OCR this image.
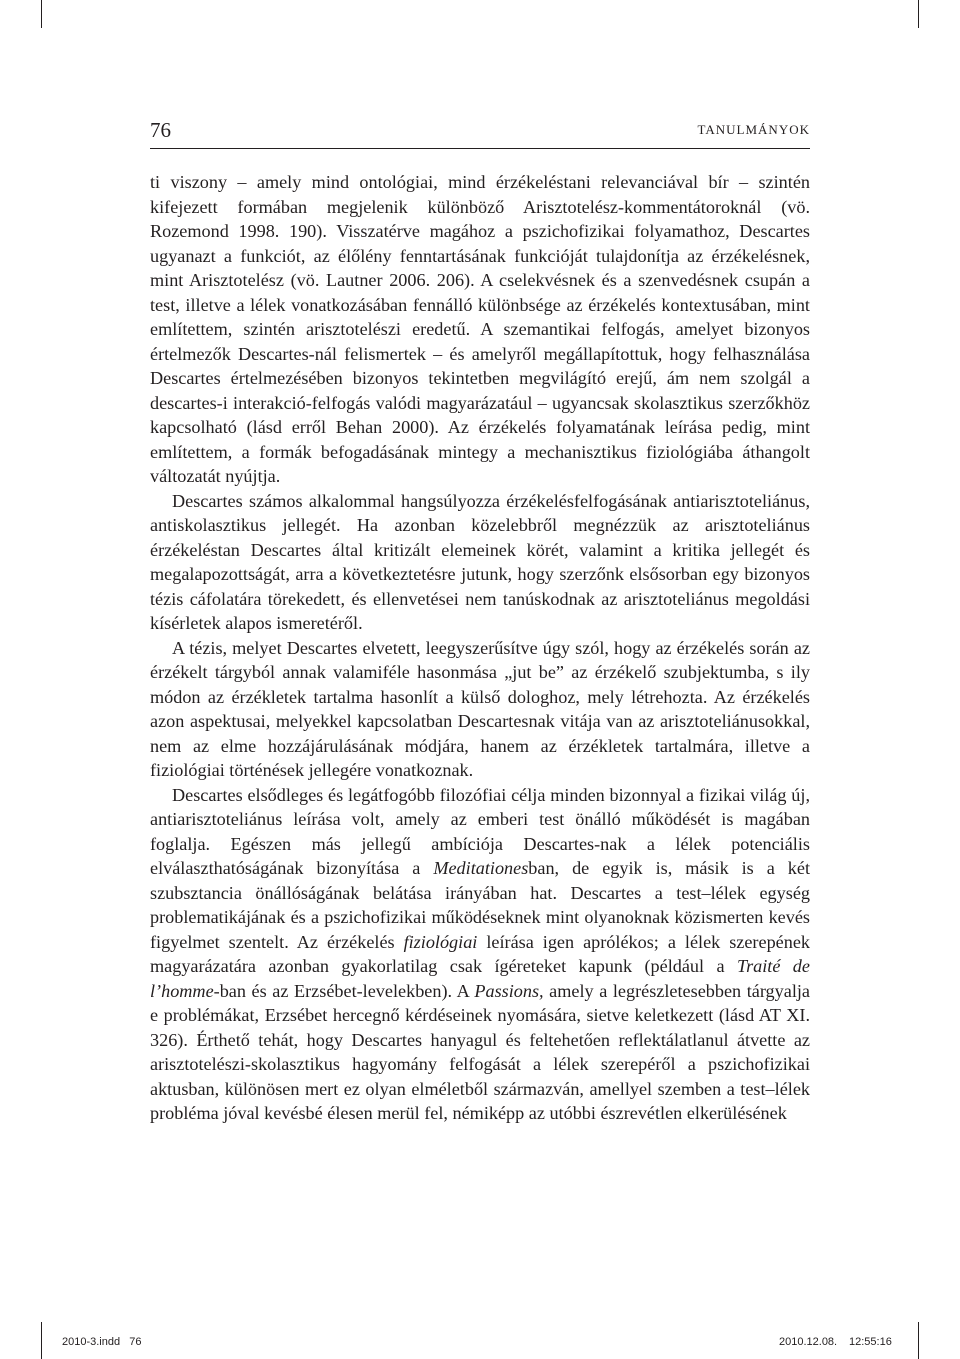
76	TANULMÁNYOK

ti viszony – amely mind ontológiai, mind érzékeléstani relevanciával bír – szintén kifejezett formában megjelenik különböző Arisztotelész-kommentátoroknál (vö. Rozemond 1998. 190). Visszatérve magához a pszichofizikai folyamathoz, Descartes ugyanazt a funkciót, az élőlény fenntartásának funkcióját tulajdonítja az érzékelésnek, mint Arisztotelész (vö. Lautner 2006. 206). A cselekvésnek és a szenvedésnek csupán a test, illetve a lélek vonatkozásában fennálló különbsége az érzékelés kontextusában, mint említettem, szintén arisztotelészi eredetű. A szemantikai felfogás, amelyet bizonyos értelmezők Descartes-nál felismertek – és amelyről megállapítottuk, hogy felhasználása Descartes értelmezésében bizonyos tekintetben megvilágító erejű, ám nem szolgál a descartes-i interakció-felfogás valódi magyarázatául – ugyancsak skolasztikus szerzőkhöz kapcsolható (lásd erről Behan 2000). Az érzékelés folyamatának leírása pedig, mint említettem, a formák befogadásának mintegy a mechanisztikus fiziológiába áthangolt változatát nyújtja.

Descartes számos alkalommal hangsúlyozza érzékelésfelfogásának antiarisztoteliánus, antiskolasztikus jellegét. Ha azonban közelebbről megnézzük az arisztoteliánus érzékeléstan Descartes által kritizált elemeinek körét, valamint a kritika jellegét és megalapozottságát, arra a következtetésre jutunk, hogy szerzőnk elsősorban egy bizonyos tézis cáfolatára törekedett, és ellenvetései nem tanúskodnak az arisztoteliánus megoldási kísérletek alapos ismeretéről.

A tézis, melyet Descartes elvetett, leegyszerűsítve úgy szól, hogy az érzékelés során az érzékelt tárgyból annak valamiféle hasonmása „jut be” az érzékelő szubjektumba, s ily módon az érzékletek tartalma hasonlít a külső dologhoz, mely létrehozta. Az érzékelés azon aspektusai, melyekkel kapcsolatban Descartesnak vitája van az arisztoteliánusokkal, nem az elme hozzájárulásának módjára, hanem az érzékletek tartalmára, illetve a fiziológiai történések jellegére vonatkoznak.

Descartes elsődleges és legátfogóbb filozófiai célja minden bizonnyal a fizikai világ új, antiarisztoteliánus leírása volt, amely az emberi test önálló működését is magában foglalja. Egészen más jellegű ambíciója Descartes-nak a lélek potenciális elválaszthatóságának bizonyítása a Meditationesban, de egyik is, másik is a két szubsztancia önállóságának belátása irányában hat. Descartes a test–lélek egység problematikájának és a pszichofizikai működéseknek mint olyanoknak közismerten kevés figyelmet szentelt. Az érzékelés fiziológiai leírása igen aprólékos; a lélek szerepének magyarázatára azonban gyakorlatilag csak ígéreteket kapunk (például a Traité de l’homme-ban és az Erzsébet-levelekben). A Passions, amely a legrészletesebben tárgyalja e problémákat, Erzsébet hercegnő kérdéseinek nyomására, sietve keletkezett (lásd AT XI. 326). Érthető tehát, hogy Descartes hanyagul és feltehetően reflektálatlanul átvette az arisztotelészi-skolasztikus hagyomány felfogását a lélek szerepéről a pszichofizikai aktusban, különösen mert ez olyan elméletből származván, amellyel szemben a test–lélek probléma jóval kevésbé élesen merül fel, némiképp az utóbbi észrevétlen elkerülésének

2010-3.indd   76	2010.12.08. 12:55:16
